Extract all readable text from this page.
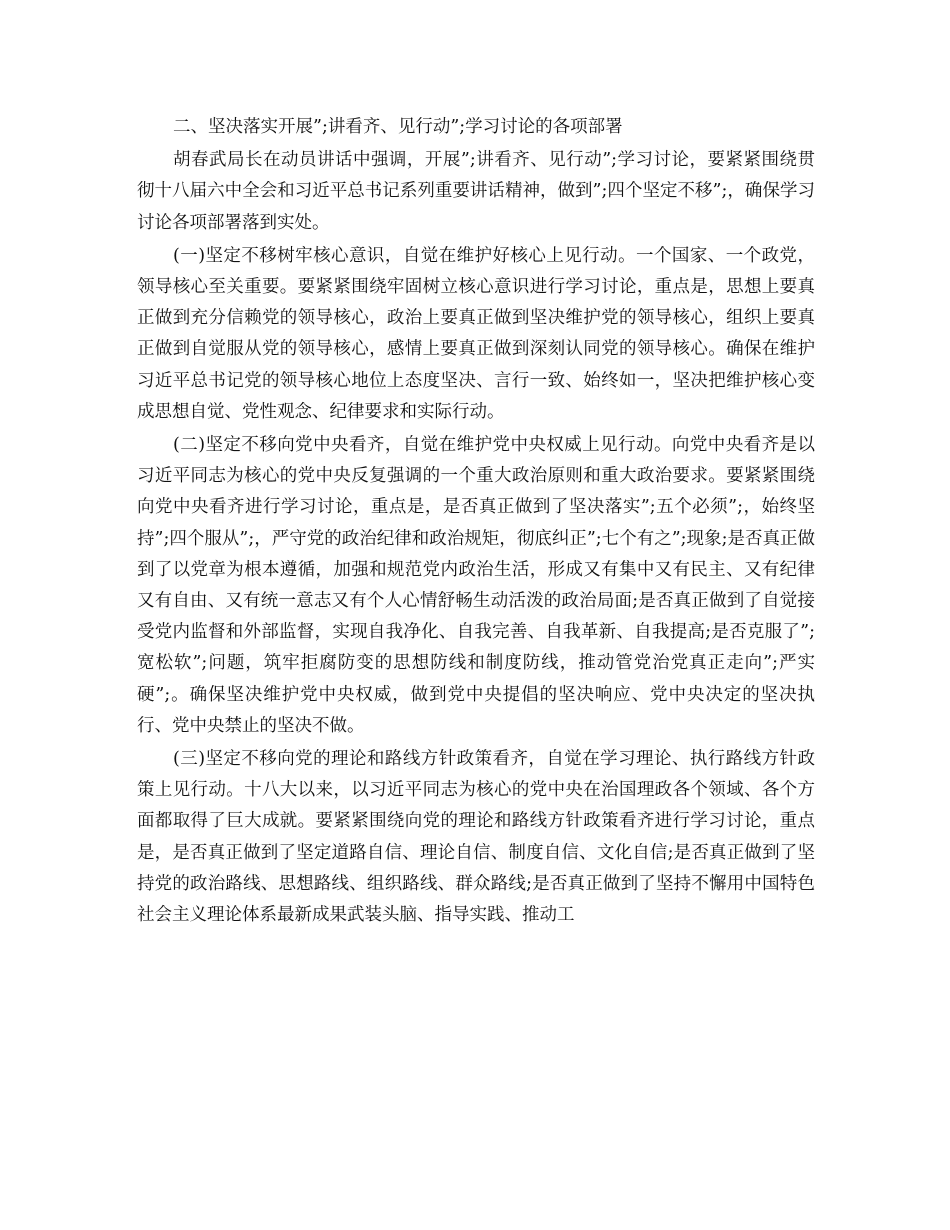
二、坚决落实开展”;讲看齐、见行动”;学习讨论的各项部署

胡春武局长在动员讲话中强调，开展”;讲看齐、见行动”;学习讨论，要紧紧围绕贯彻十八届六中全会和习近平总书记系列重要讲话精神，做到”;四个坚定不移”;，确保学习讨论各项部署落到实处。

(一)坚定不移树牢核心意识，自觉在维护好核心上见行动。一个国家、一个政党，领导核心至关重要。要紧紧围绕牢固树立核心意识进行学习讨论，重点是，思想上要真正做到充分信赖党的领导核心，政治上要真正做到坚决维护党的领导核心，组织上要真正做到自觉服从党的领导核心，感情上要真正做到深刻认同党的领导核心。确保在维护习近平总书记党的领导核心地位上态度坚决、言行一致、始终如一，坚决把维护核心变成思想自觉、党性观念、纪律要求和实际行动。

(二)坚定不移向党中央看齐，自觉在维护党中央权威上见行动。向党中央看齐是以习近平同志为核心的党中央反复强调的一个重大政治原则和重大政治要求。要紧紧围绕向党中央看齐进行学习讨论，重点是，是否真正做到了坚决落实”;五个必须”;，始终坚持”;四个服从”;，严守党的政治纪律和政治规矩，彻底纠正”;七个有之”;现象;是否真正做到了以党章为根本遵循，加强和规范党内政治生活，形成又有集中又有民主、又有纪律又有自由、又有统一意志又有个人心情舒畅生动活泼的政治局面;是否真正做到了自觉接受党内监督和外部监督，实现自我净化、自我完善、自我革新、自我提高;是否克服了”;宽松软”;问题，筑牢拒腐防变的思想防线和制度防线，推动管党治党真正走向”;严实硬”;。确保坚决维护党中央权威，做到党中央提倡的坚决响应、党中央决定的坚决执行、党中央禁止的坚决不做。

(三)坚定不移向党的理论和路线方针政策看齐，自觉在学习理论、执行路线方针政策上见行动。十八大以来，以习近平同志为核心的党中央在治国理政各个领域、各个方面都取得了巨大成就。要紧紧围绕向党的理论和路线方针政策看齐进行学习讨论，重点是，是否真正做到了坚定道路自信、理论自信、制度自信、文化自信;是否真正做到了坚持党的政治路线、思想路线、组织路线、群众路线;是否真正做到了坚持不懈用中国特色社会主义理论体系最新成果武装头脑、指导实践、推动工
